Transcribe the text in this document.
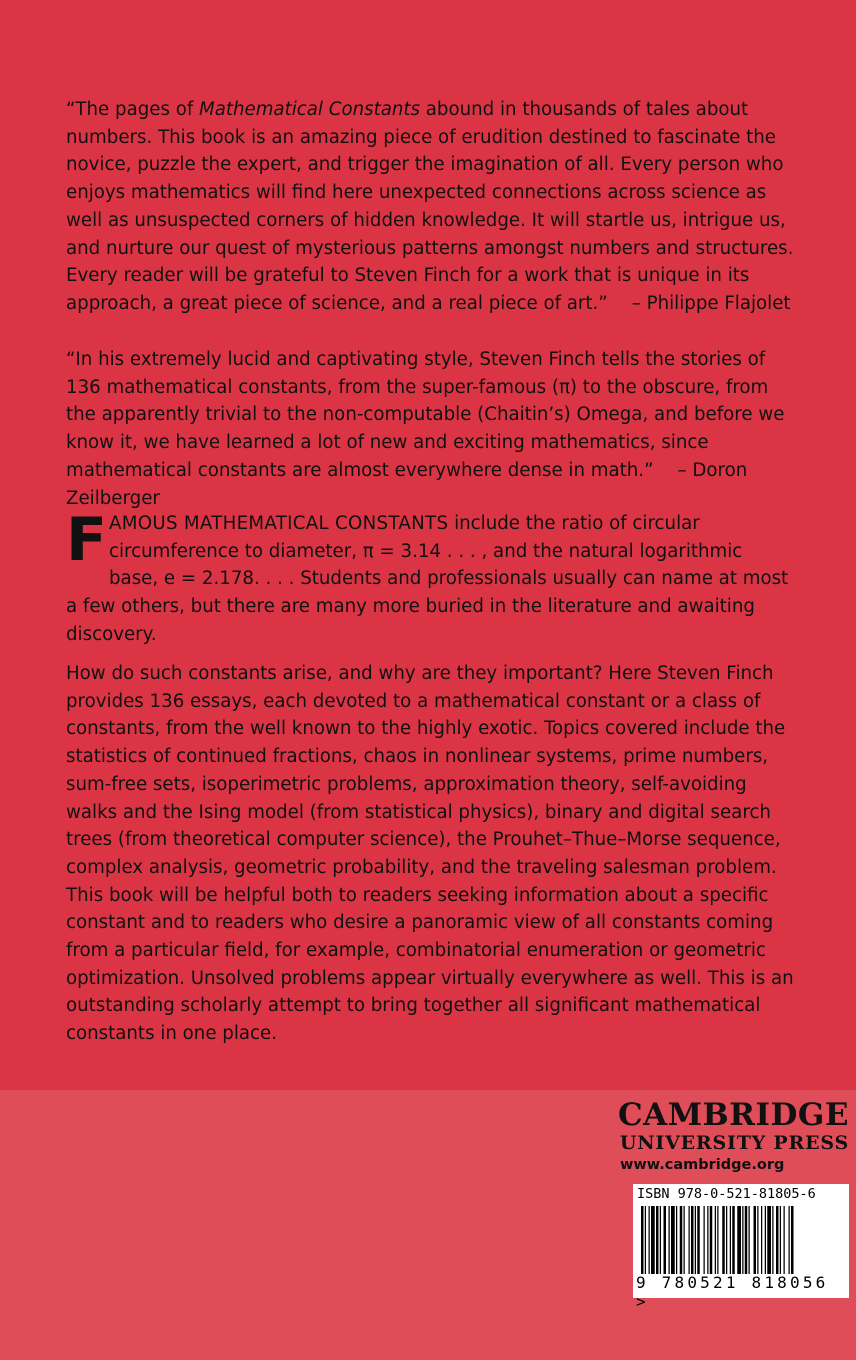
“The pages of Mathematical Constants abound in thousands of tales about numbers. This book is an amazing piece of erudition destined to fascinate the novice, puzzle the expert, and trigger the imagination of all. Every person who enjoys mathematics will find here unexpected connections across science as well as unsuspected corners of hidden knowledge. It will startle us, intrigue us, and nurture our quest of mysterious patterns amongst numbers and structures. Every reader will be grateful to Steven Finch for a work that is unique in its approach, a great piece of science, and a real piece of art.” – Philippe Flajolet

“In his extremely lucid and captivating style, Steven Finch tells the stories of 136 mathematical constants, from the super-famous (π) to the obscure, from the apparently trivial to the non-computable (Chaitin’s) Omega, and before we know it, we have learned a lot of new and exciting mathematics, since mathematical constants are almost everywhere dense in math.” – Doron Zeilberger

FAMOUS MATHEMATICAL CONSTANTS include the ratio of circular circumference to diameter, π = 3.14 . . . , and the natural logarithmic base, e = 2.178. . . . Students and professionals usually can name at most a few others, but there are many more buried in the literature and awaiting discovery.

How do such constants arise, and why are they important? Here Steven Finch provides 136 essays, each devoted to a mathematical constant or a class of constants, from the well known to the highly exotic. Topics covered include the statistics of continued fractions, chaos in nonlinear systems, prime numbers, sum-free sets, isoperimetric problems, approximation theory, self-avoiding walks and the Ising model (from statistical physics), binary and digital search trees (from theoretical computer science), the Prouhet–Thue–Morse sequence, complex analysis, geometric probability, and the traveling salesman problem. This book will be helpful both to readers seeking information about a specific constant and to readers who desire a panoramic view of all constants coming from a particular field, for example, combinatorial enumeration or geometric optimization. Unsolved problems appear virtually everywhere as well. This is an outstanding scholarly attempt to bring together all significant mathematical constants in one place.

CAMBRIDGE
UNIVERSITY PRESS
www.cambridge.org
ISBN 978-0-521-81805-6
9 780521 818056 >
